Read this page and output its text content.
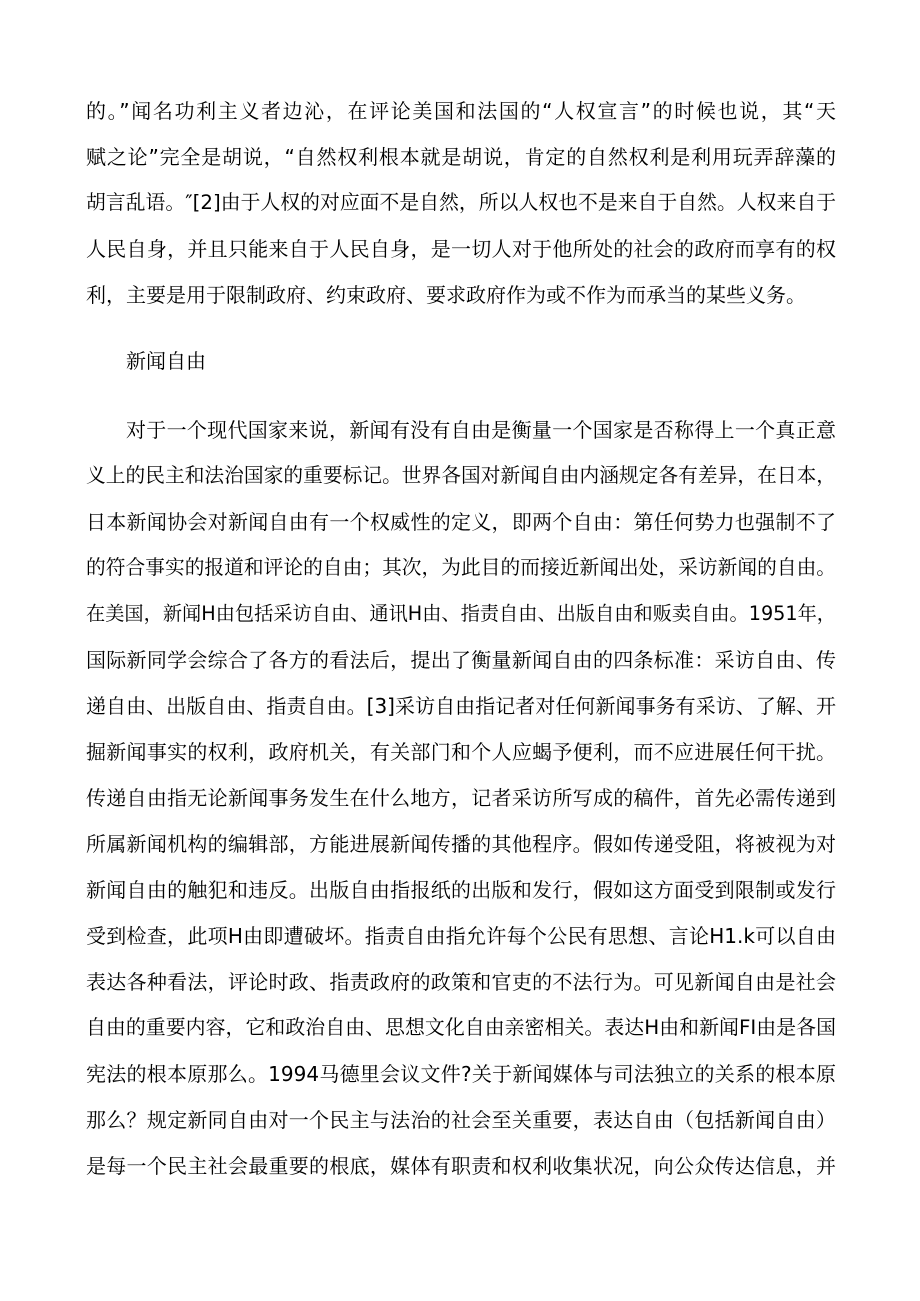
的。”闻名功利主义者边沁，在评论美国和法国的“人权宣言”的时候也说，其“天
赋之论”完全是胡说，“自然权利根本就是胡说，肯定的自然权利是利用玩弄辞藻的
胡言乱语。″[2]由于人权的对应面不是自然，所以人权也不是来自于自然。人权来自于
人民自身，并且只能来自于人民自身，是一切人对于他所处的社会的政府而享有的权
利，主要是用于限制政府、约束政府、要求政府作为或不作为而承当的某些义务。
新闻自由
对于一个现代国家来说，新闻有没有自由是衡量一个国家是否称得上一个真正意
义上的民主和法治国家的重要标记。世界各国对新闻自由内涵规定各有差异，在日本，
日本新闻协会对新闻自由有一个权威性的定义，即两个自由：第任何势力也强制不了
的符合事实的报道和评论的自由；其次，为此目的而接近新闻出处，采访新闻的自由。
在美国，新闻H由包括采访自由、通讯H由、指责自由、出版自由和贩卖自由。1951年，
国际新同学会综合了各方的看法后，提出了衡量新闻自由的四条标准：采访自由、传
递自由、出版自由、指责自由。[3]采访自由指记者对任何新闻事务有采访、了解、开
掘新闻事实的权利，政府机关，有关部门和个人应蝎予便利，而不应进展任何干扰。
传递自由指无论新闻事务发生在什么地方，记者采访所写成的稿件，首先必需传递到
所属新闻机构的编辑部，方能进展新闻传播的其他程序。假如传递受阻，将被视为对
新闻自由的触犯和违反。出版自由指报纸的出版和发行，假如这方面受到限制或发行
受到检查，此项H由即遭破坏。指责自由指允许每个公民有思想、言论H1.k可以自由
表达各种看法，评论时政、指责政府的政策和官吏的不法行为。可见新闻自由是社会
自由的重要内容，它和政治自由、思想文化自由亲密相关。表达H由和新闻FI由是各国
宪法的根本原那么。1994马德里会议文件?关于新闻媒体与司法独立的关系的根本原
那么？规定新同自由对一个民主与法治的社会至关重要，表达自由（包括新闻自由）
是每一个民主社会最重要的根底，媒体有职责和权利收集状况，向公众传达信息，并
